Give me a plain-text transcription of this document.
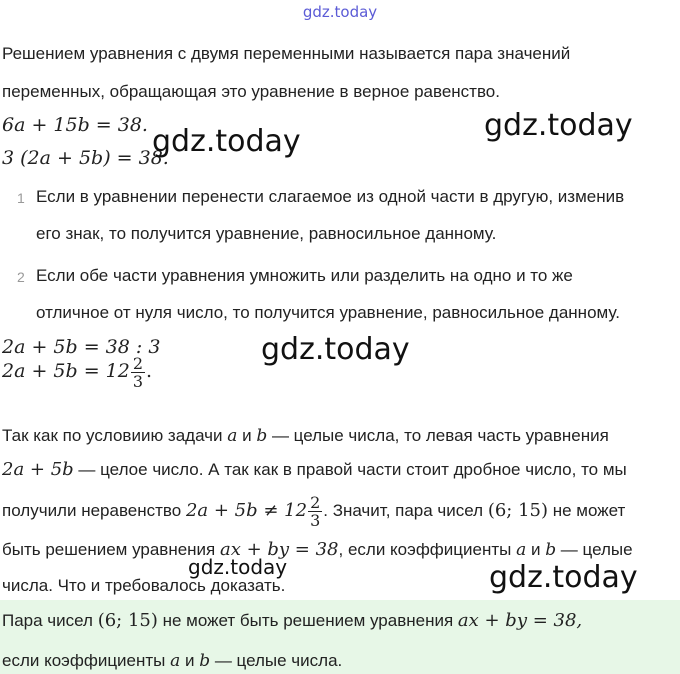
gdz.today
Решением уравнения с двумя переменными называется пара значений
переменных, обращающая это уравнение в верное равенство.
6a + 15b = 38.
3 (2a + 5b) = 38.
1 Если в уравнении перенести слагаемое из одной части в другую, изменив
его знак, то получится уравнение, равносильное данному.
2 Если обе части уравнения умножить или разделить на одно и то же
отличное от нуля число, то получится уравнение, равносильное данному.
2a + 5b = 38 : 3
$2a + 5b = 12 \frac{2}{3}$ .
Так как по условиию задачи a и b — целые числа, то левая часть уравнения
2a + 5b — целое число. А так как в правой части стоит дробное число, то мы
получили неравенство $2a + 5b \ne 12 \frac{2}{3}$ . Значит, пара чисел (6; 15) не может
быть решением уравнения ax + by = 38, если коэффициенты a и b — целые
числа. Что и требовалось доказать.
Пара чисел (6; 15) не может быть решением уравнения ax + by = 38,
если коэффициенты a и b — целые числа.
gdz.today	gdz.today
gdz.today
gdz.today	gdz.today
